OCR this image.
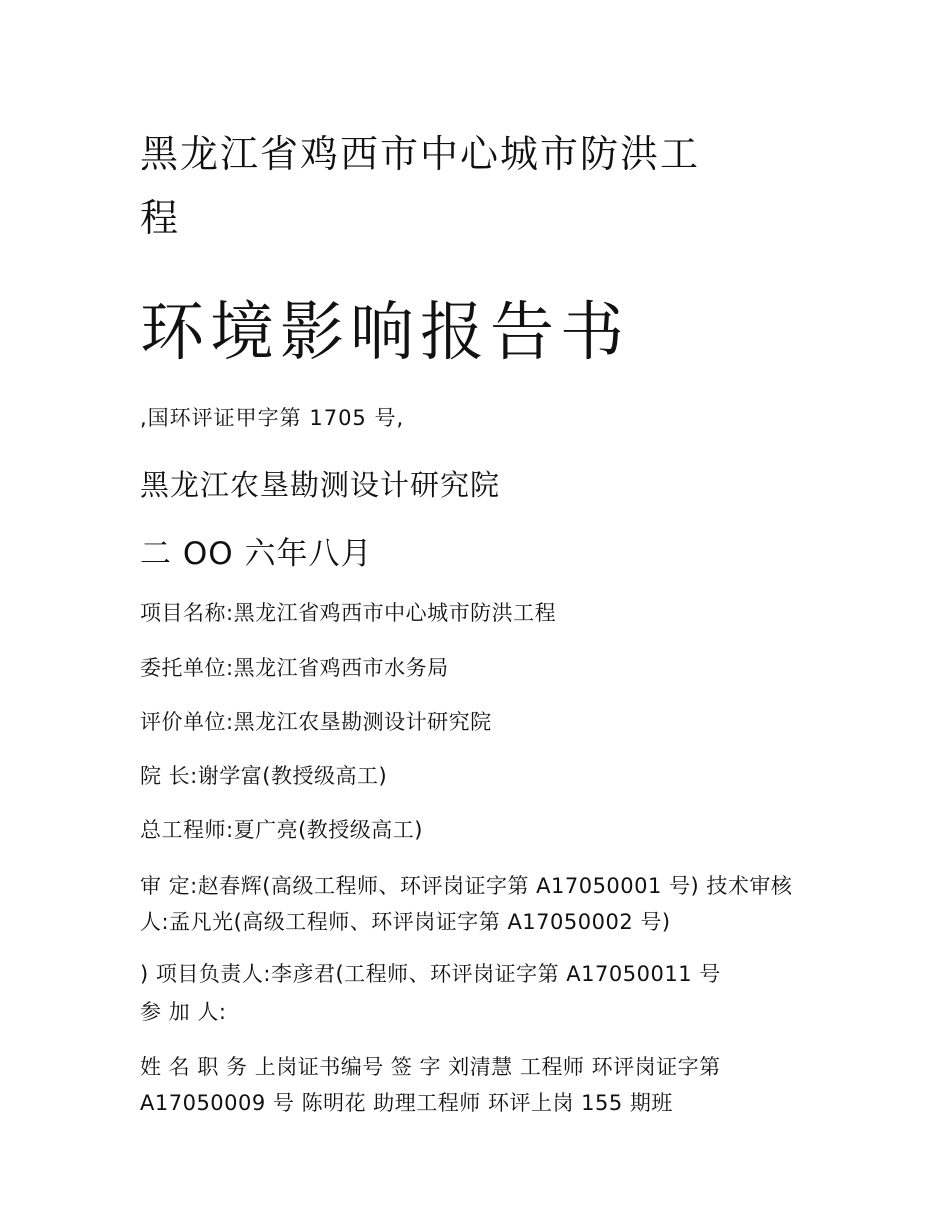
黑龙江省鸡西市中心城市防洪工
程
环境影响报告书
,国环评证甲字第 1705 号,
黑龙江农垦勘测设计研究院
二 OO 六年八月
项目名称:黑龙江省鸡西市中心城市防洪工程
委托单位:黑龙江省鸡西市水务局
评价单位:黑龙江农垦勘测设计研究院
院 长:谢学富(教授级高工)
总工程师:夏广亮(教授级高工)
审 定:赵春辉(高级工程师、环评岗证字第 A17050001 号) 技术审核人:孟凡光(高级工程师、环评岗证字第 A17050002 号)
) 项目负责人:李彦君(工程师、环评岗证字第 A17050011 号
参 加 人:
姓 名 职 务 上岗证书编号 签 字 刘清慧 工程师 环评岗证字第 A17050009 号 陈明花 助理工程师 环评上岗 155 期班
